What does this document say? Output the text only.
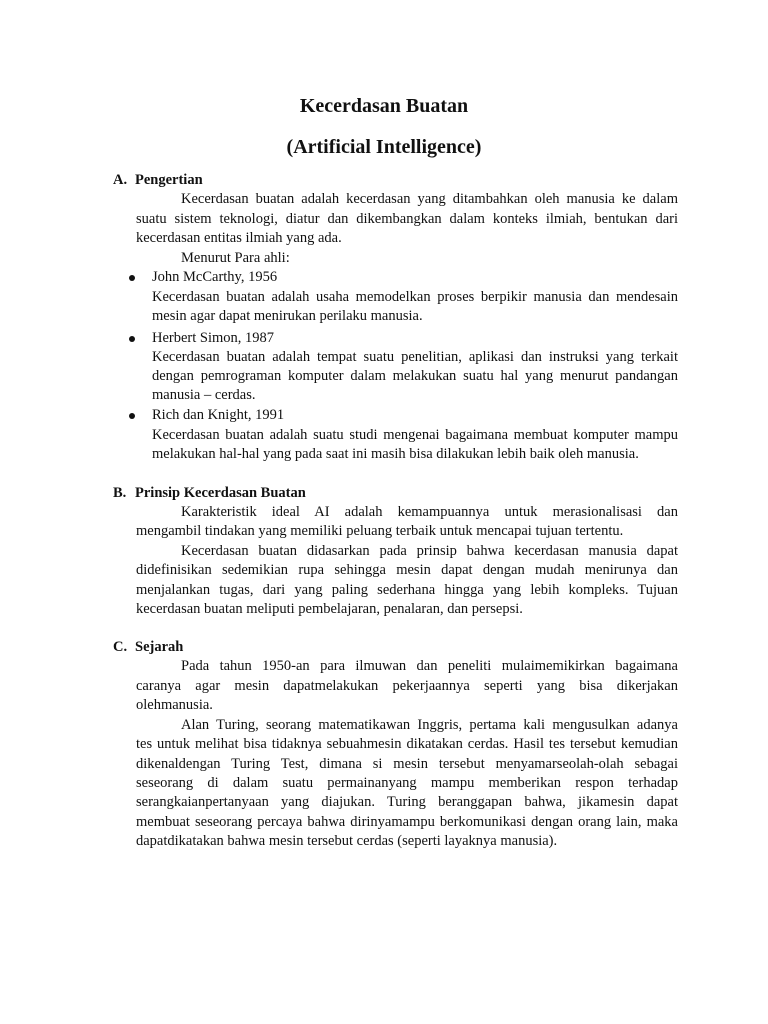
Kecerdasan Buatan
(Artificial Intelligence)
A. Pengertian
Kecerdasan buatan adalah kecerdasan yang ditambahkan oleh manusia ke dalam
suatu sistem teknologi, diatur dan dikembangkan dalam konteks ilmiah, bentukan dari
kecerdasan entitas ilmiah yang ada.
Menurut Para ahli:
John McCarthy, 1956
Kecerdasan buatan adalah usaha memodelkan proses berpikir manusia dan mendesain
mesin agar dapat menirukan perilaku manusia.
Herbert Simon, 1987
Kecerdasan buatan adalah tempat suatu penelitian, aplikasi dan instruksi yang terkait
dengan pemrograman komputer dalam melakukan suatu hal yang menurut pandangan
manusia – cerdas.
Rich dan Knight, 1991
Kecerdasan buatan adalah suatu studi mengenai bagaimana membuat komputer mampu
melakukan hal-hal yang pada saat ini masih bisa dilakukan lebih baik oleh manusia.
B. Prinsip Kecerdasan Buatan
Karakteristik ideal AI adalah kemampuannya untuk merasionalisasi dan
mengambil tindakan yang memiliki peluang terbaik untuk mencapai tujuan tertentu.
Kecerdasan buatan didasarkan pada prinsip bahwa kecerdasan manusia dapat
didefinisikan sedemikian rupa sehingga mesin dapat dengan mudah menirunya dan
menjalankan tugas, dari yang paling sederhana hingga yang lebih kompleks. Tujuan
kecerdasan buatan meliputi pembelajaran, penalaran, dan persepsi.
C. Sejarah
Pada tahun 1950-an para ilmuwan dan peneliti mulaimemikirkan bagaimana
caranya agar mesin dapatmelakukan pekerjaannya seperti yang bisa dikerjakan
olehmanusia.
Alan Turing, seorang matematikawan Inggris, pertama kali mengusulkan adanya
tes untuk melihat bisa tidaknya sebuahmesin dikatakan cerdas. Hasil tes tersebut kemudian
dikenaldengan Turing Test, dimana si mesin tersebut menyamarseolah-olah sebagai
seseorang di dalam suatu permainanyang mampu memberikan respon terhadap
serangkaianpertanyaan yang diajukan. Turing beranggapan bahwa, jikamesin dapat
membuat seseorang percaya bahwa dirinyamampu berkomunikasi dengan orang lain, maka
dapatdikatakan bahwa mesin tersebut cerdas (seperti layaknya manusia).
